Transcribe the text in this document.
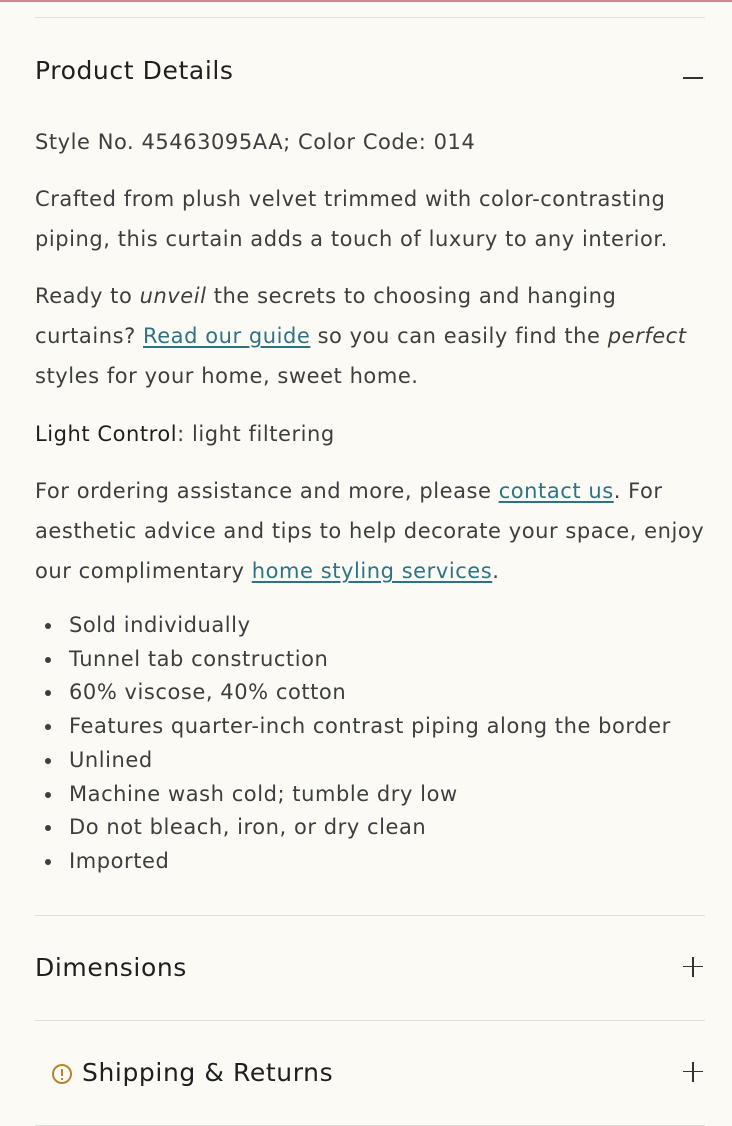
Product Details

Style No. 45463095AA; Color Code: 014

Crafted from plush velvet trimmed with color-contrasting piping, this curtain adds a touch of luxury to any interior.

Ready to unveil the secrets to choosing and hanging curtains? Read our guide so you can easily find the perfect styles for your home, sweet home.

Light Control: light filtering

For ordering assistance and more, please contact us. For aesthetic advice and tips to help decorate your space, enjoy our complimentary home styling services.

Sold individually
Tunnel tab construction
60% viscose, 40% cotton
Features quarter-inch contrast piping along the border
Unlined
Machine wash cold; tumble dry low
Do not bleach, iron, or dry clean
Imported
Dimensions
Shipping & Returns
